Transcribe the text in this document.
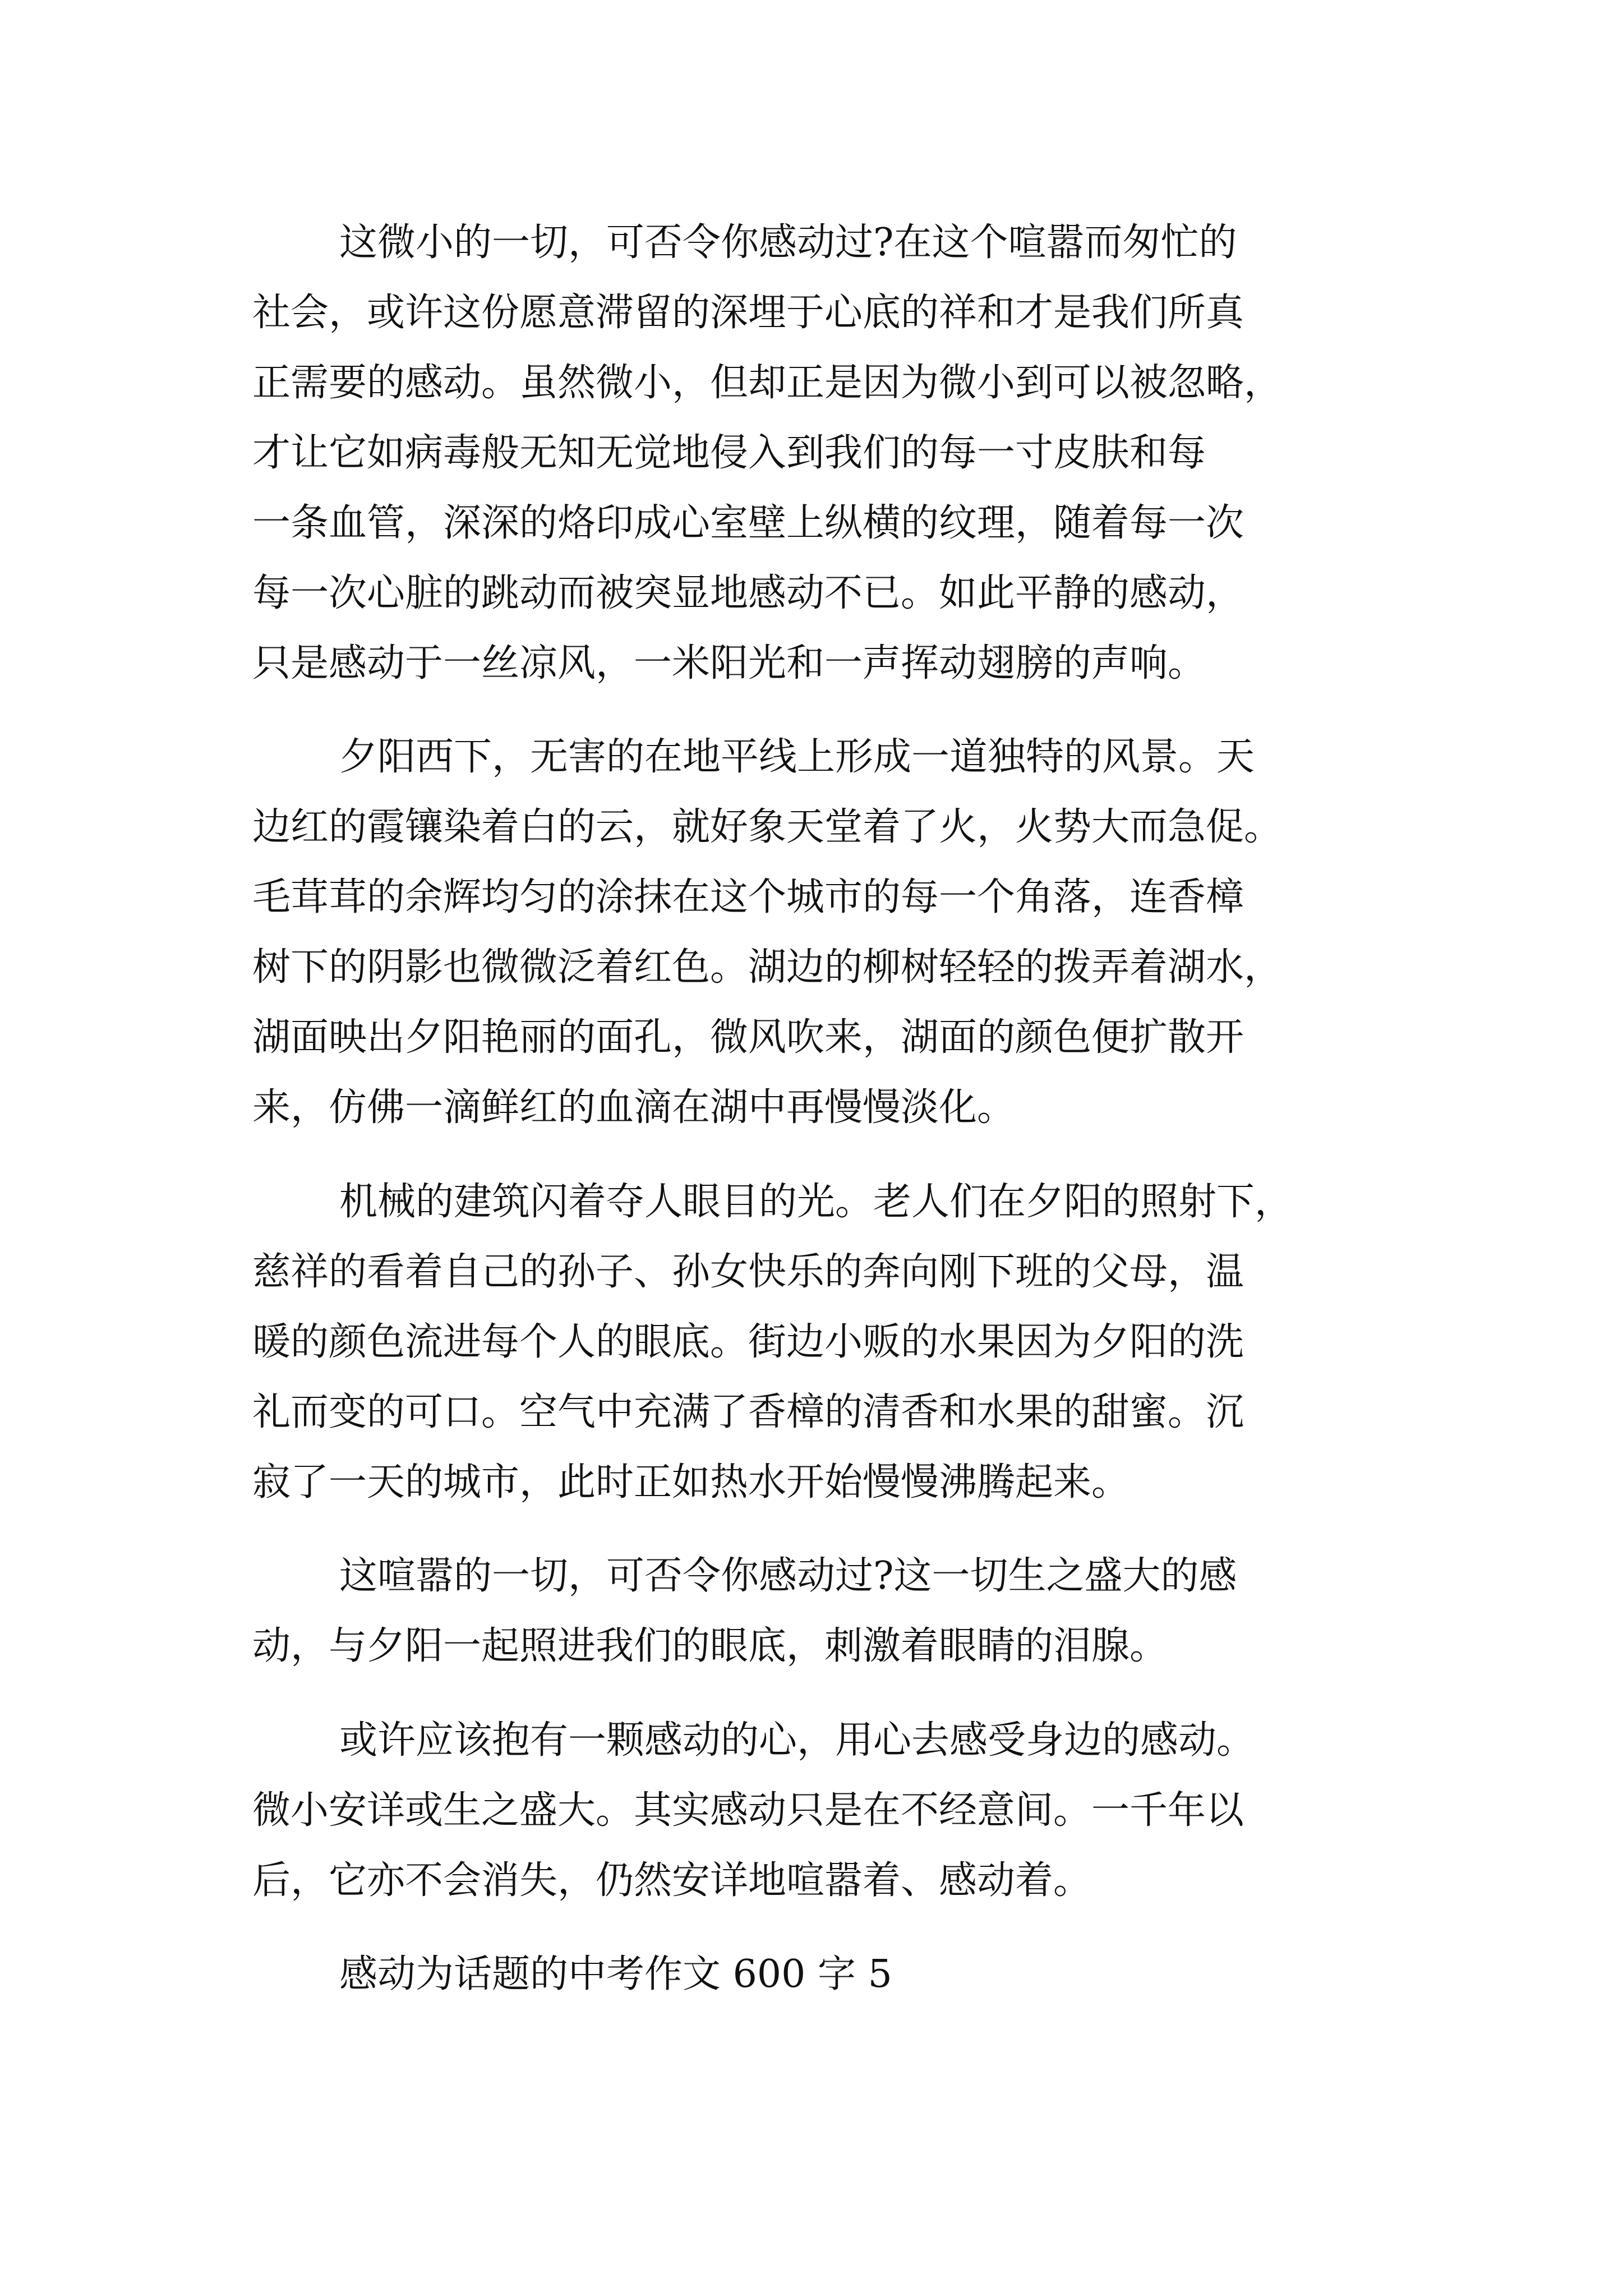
这微小的一切，可否令你感动过?在这个喧嚣而匆忙的
社会，或许这份愿意滞留的深埋于心底的祥和才是我们所真
正需要的感动。虽然微小，但却正是因为微小到可以被忽略，
才让它如病毒般无知无觉地侵入到我们的每一寸皮肤和每
一条血管，深深的烙印成心室壁上纵横的纹理，随着每一次
每一次心脏的跳动而被突显地感动不已。如此平静的感动，
只是感动于一丝凉风，一米阳光和一声挥动翅膀的声响。
夕阳西下，无害的在地平线上形成一道独特的风景。天
边红的霞镶染着白的云，就好象天堂着了火，火势大而急促。
毛茸茸的余辉均匀的涂抹在这个城市的每一个角落，连香樟
树下的阴影也微微泛着红色。湖边的柳树轻轻的拨弄着湖水，
湖面映出夕阳艳丽的面孔，微风吹来，湖面的颜色便扩散开
来，仿佛一滴鲜红的血滴在湖中再慢慢淡化。
机械的建筑闪着夺人眼目的光。老人们在夕阳的照射下，
慈祥的看着自己的孙子、孙女快乐的奔向刚下班的父母，温
暖的颜色流进每个人的眼底。街边小贩的水果因为夕阳的洗
礼而变的可口。空气中充满了香樟的清香和水果的甜蜜。沉
寂了一天的城市，此时正如热水开始慢慢沸腾起来。
这喧嚣的一切，可否令你感动过?这一切生之盛大的感
动，与夕阳一起照进我们的眼底，刺激着眼睛的泪腺。
或许应该抱有一颗感动的心，用心去感受身边的感动。
微小安详或生之盛大。其实感动只是在不经意间。一千年以
后，它亦不会消失，仍然安详地喧嚣着、感动着。
感动为话题的中考作文 600 字 5
